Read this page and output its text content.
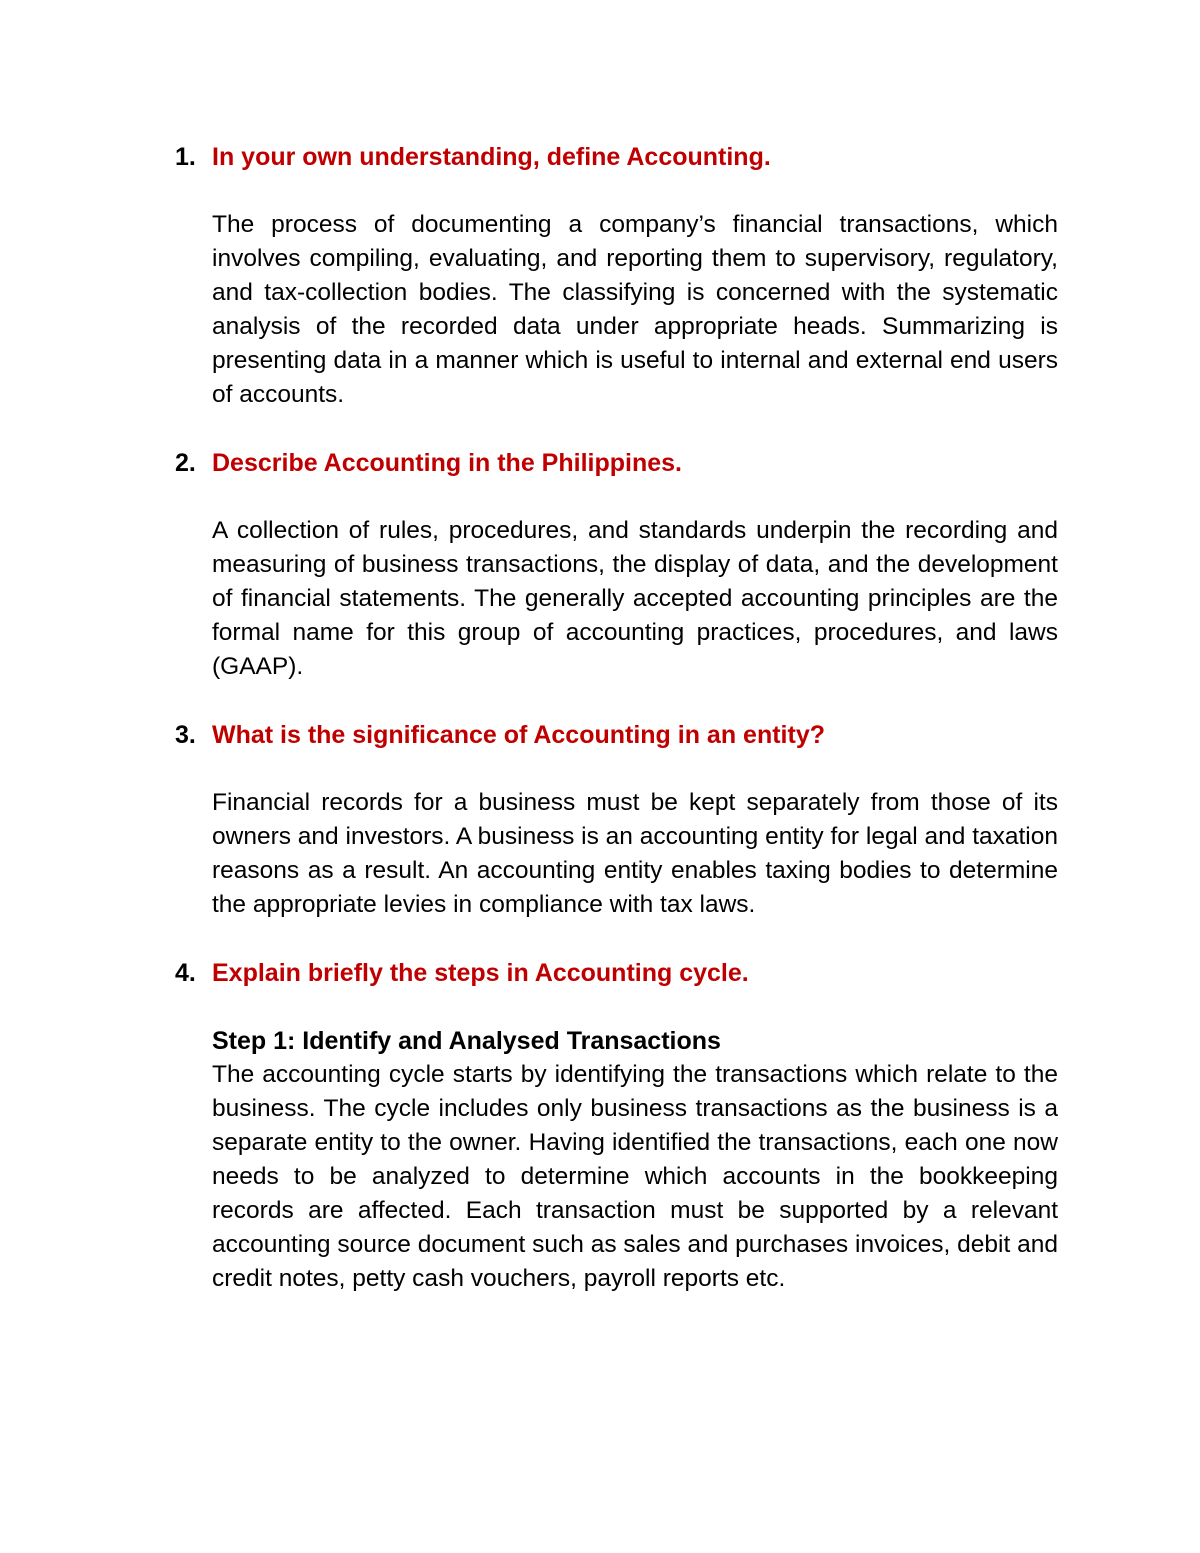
1. In your own understanding, define Accounting.
The process of documenting a company’s financial transactions, which involves compiling, evaluating, and reporting them to supervisory, regulatory, and tax-collection bodies. The classifying is concerned with the systematic analysis of the recorded data under appropriate heads. Summarizing is presenting data in a manner which is useful to internal and external end users of accounts.
2. Describe Accounting in the Philippines.
A collection of rules, procedures, and standards underpin the recording and measuring of business transactions, the display of data, and the development of financial statements. The generally accepted accounting principles are the formal name for this group of accounting practices, procedures, and laws (GAAP).
3. What is the significance of Accounting in an entity?
Financial records for a business must be kept separately from those of its owners and investors. A business is an accounting entity for legal and taxation reasons as a result. An accounting entity enables taxing bodies to determine the appropriate levies in compliance with tax laws.
4. Explain briefly the steps in Accounting cycle.
Step 1: Identify and Analysed Transactions
The accounting cycle starts by identifying the transactions which relate to the business. The cycle includes only business transactions as the business is a separate entity to the owner. Having identified the transactions, each one now needs to be analyzed to determine which accounts in the bookkeeping records are affected. Each transaction must be supported by a relevant accounting source document such as sales and purchases invoices, debit and credit notes, petty cash vouchers, payroll reports etc.
